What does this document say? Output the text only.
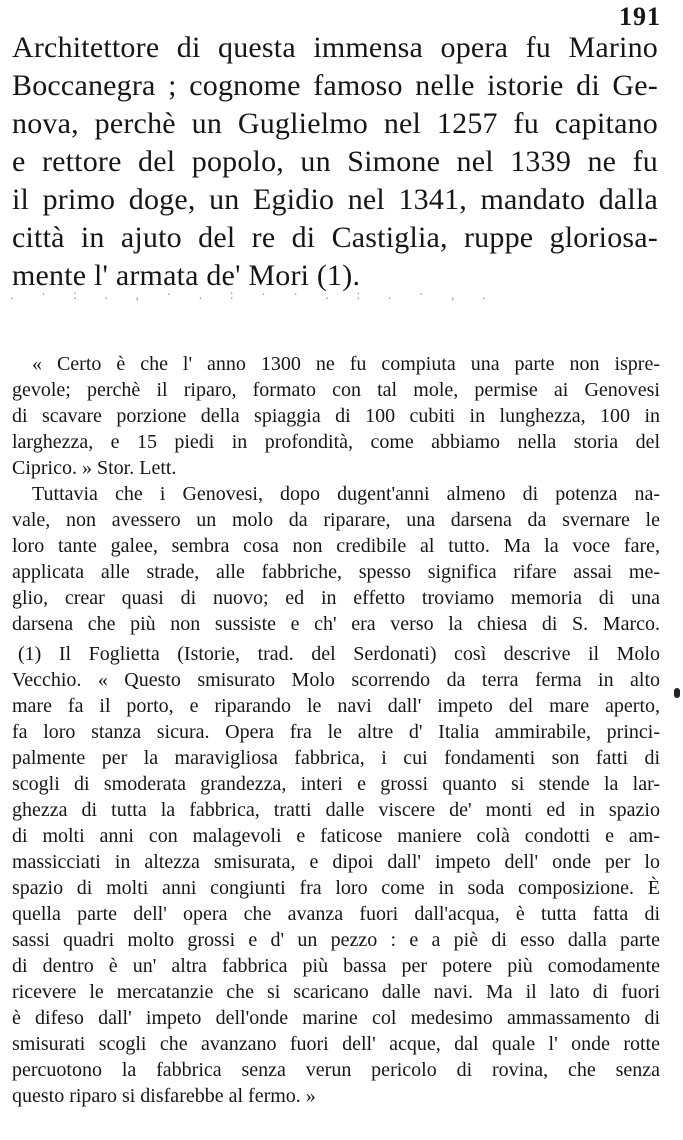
191
Architettore di questa immensa opera fu Marino
Boccanegra ; cognome famoso nelle istorie di Ge-
nova, perchè un Guglielmo nel 1257 fu capitano
e rettore del popolo, un Simone nel 1339 ne fu
il primo doge, un Egidio nel 1341, mandato dalla
città in ajuto del re di Castiglia, ruppe gloriosa-
mente l' armata de' Mori (1).
. · : . , · . : · · . : . · , .
« Certo è che l' anno 1300 ne fu compiuta una parte non ispre-
gevole; perchè il riparo, formato con tal mole, permise ai Genovesi
di scavare porzione della spiaggia di 100 cubiti in lunghezza, 100 in
larghezza, e 15 piedi in profondità, come abbiamo nella storia del
Ciprico. » Stor. Lett.
Tuttavia che i Genovesi, dopo dugent'anni almeno di potenza na-
vale, non avessero un molo da riparare, una darsena da svernare le
loro tante galee, sembra cosa non credibile al tutto. Ma la voce fare,
applicata alle strade, alle fabbriche, spesso significa rifare assai me-
glio, crear quasi di nuovo; ed in effetto troviamo memoria di una
darsena che più non sussiste e ch' era verso la chiesa di S. Marco.
(1) Il Foglietta (Istorie, trad. del Serdonati) così descrive il Molo
Vecchio. « Questo smisurato Molo scorrendo da terra ferma in alto
mare fa il porto, e riparando le navi dall' impeto del mare aperto,
fa loro stanza sicura. Opera fra le altre d' Italia ammirabile, princi-
palmente per la maravigliosa fabbrica, i cui fondamenti son fatti di
scogli di smoderata grandezza, interi e grossi quanto si stende la lar-
ghezza di tutta la fabbrica, tratti dalle viscere de' monti ed in spazio
di molti anni con malagevoli e faticose maniere colà condotti e am-
massicciati in altezza smisurata, e dipoi dall' impeto dell' onde per lo
spazio di molti anni congiunti fra loro come in soda composizione. È
quella parte dell' opera che avanza fuori dall'acqua, è tutta fatta di
sassi quadri molto grossi e d' un pezzo : e a piè di esso dalla parte
di dentro è un' altra fabbrica più bassa per potere più comodamente
ricevere le mercatanzie che si scaricano dalle navi. Ma il lato di fuori
è difeso dall' impeto dell'onde marine col medesimo ammassamento di
smisurati scogli che avanzano fuori dell' acque, dal quale l' onde rotte
percuotono la fabbrica senza verun pericolo di rovina, che senza
questo riparo si disfarebbe al fermo. »
